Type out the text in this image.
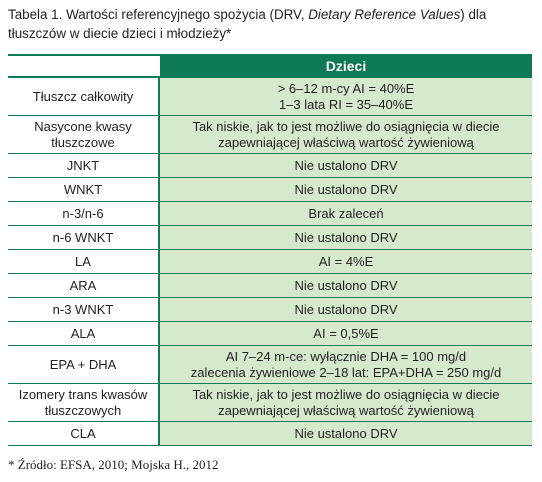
Tabela 1. Wartości referencyjnego spożycia (DRV, Dietary Reference Values) dla tłuszczów w diecie dzieci i młodzieży*
	Dzieci

Tłuszcz całkowity	> 6–12 m-cy AI = 40%E
1–3 lata RI = 35–40%E

Nasycone kwasy
tłuszczowe	Tak niskie, jak to jest możliwe do osiągnięcia w diecie
zapewniającej właściwą wartość żywieniową

JNKT	Nie ustalono DRV

WNKT	Nie ustalono DRV

n-3/n-6	Brak zaleceń

n-6 WNKT	Nie ustalono DRV

LA	AI = 4%E

ARA	Nie ustalono DRV

n-3 WNKT	Nie ustalono DRV

ALA	AI = 0,5%E

EPA + DHA	AI 7–24 m-ce: wyłącznie DHA = 100 mg/d
zalecenia żywieniowe 2–18 lat: EPA+DHA = 250 mg/d

Izomery trans kwasów
tłuszczowych	Tak niskie, jak to jest możliwe do osiągnięcia w diecie
zapewniającej właściwą wartość żywieniową

CLA	Nie ustalono DRV
* Źródło: EFSA, 2010; Mojska H., 2012
